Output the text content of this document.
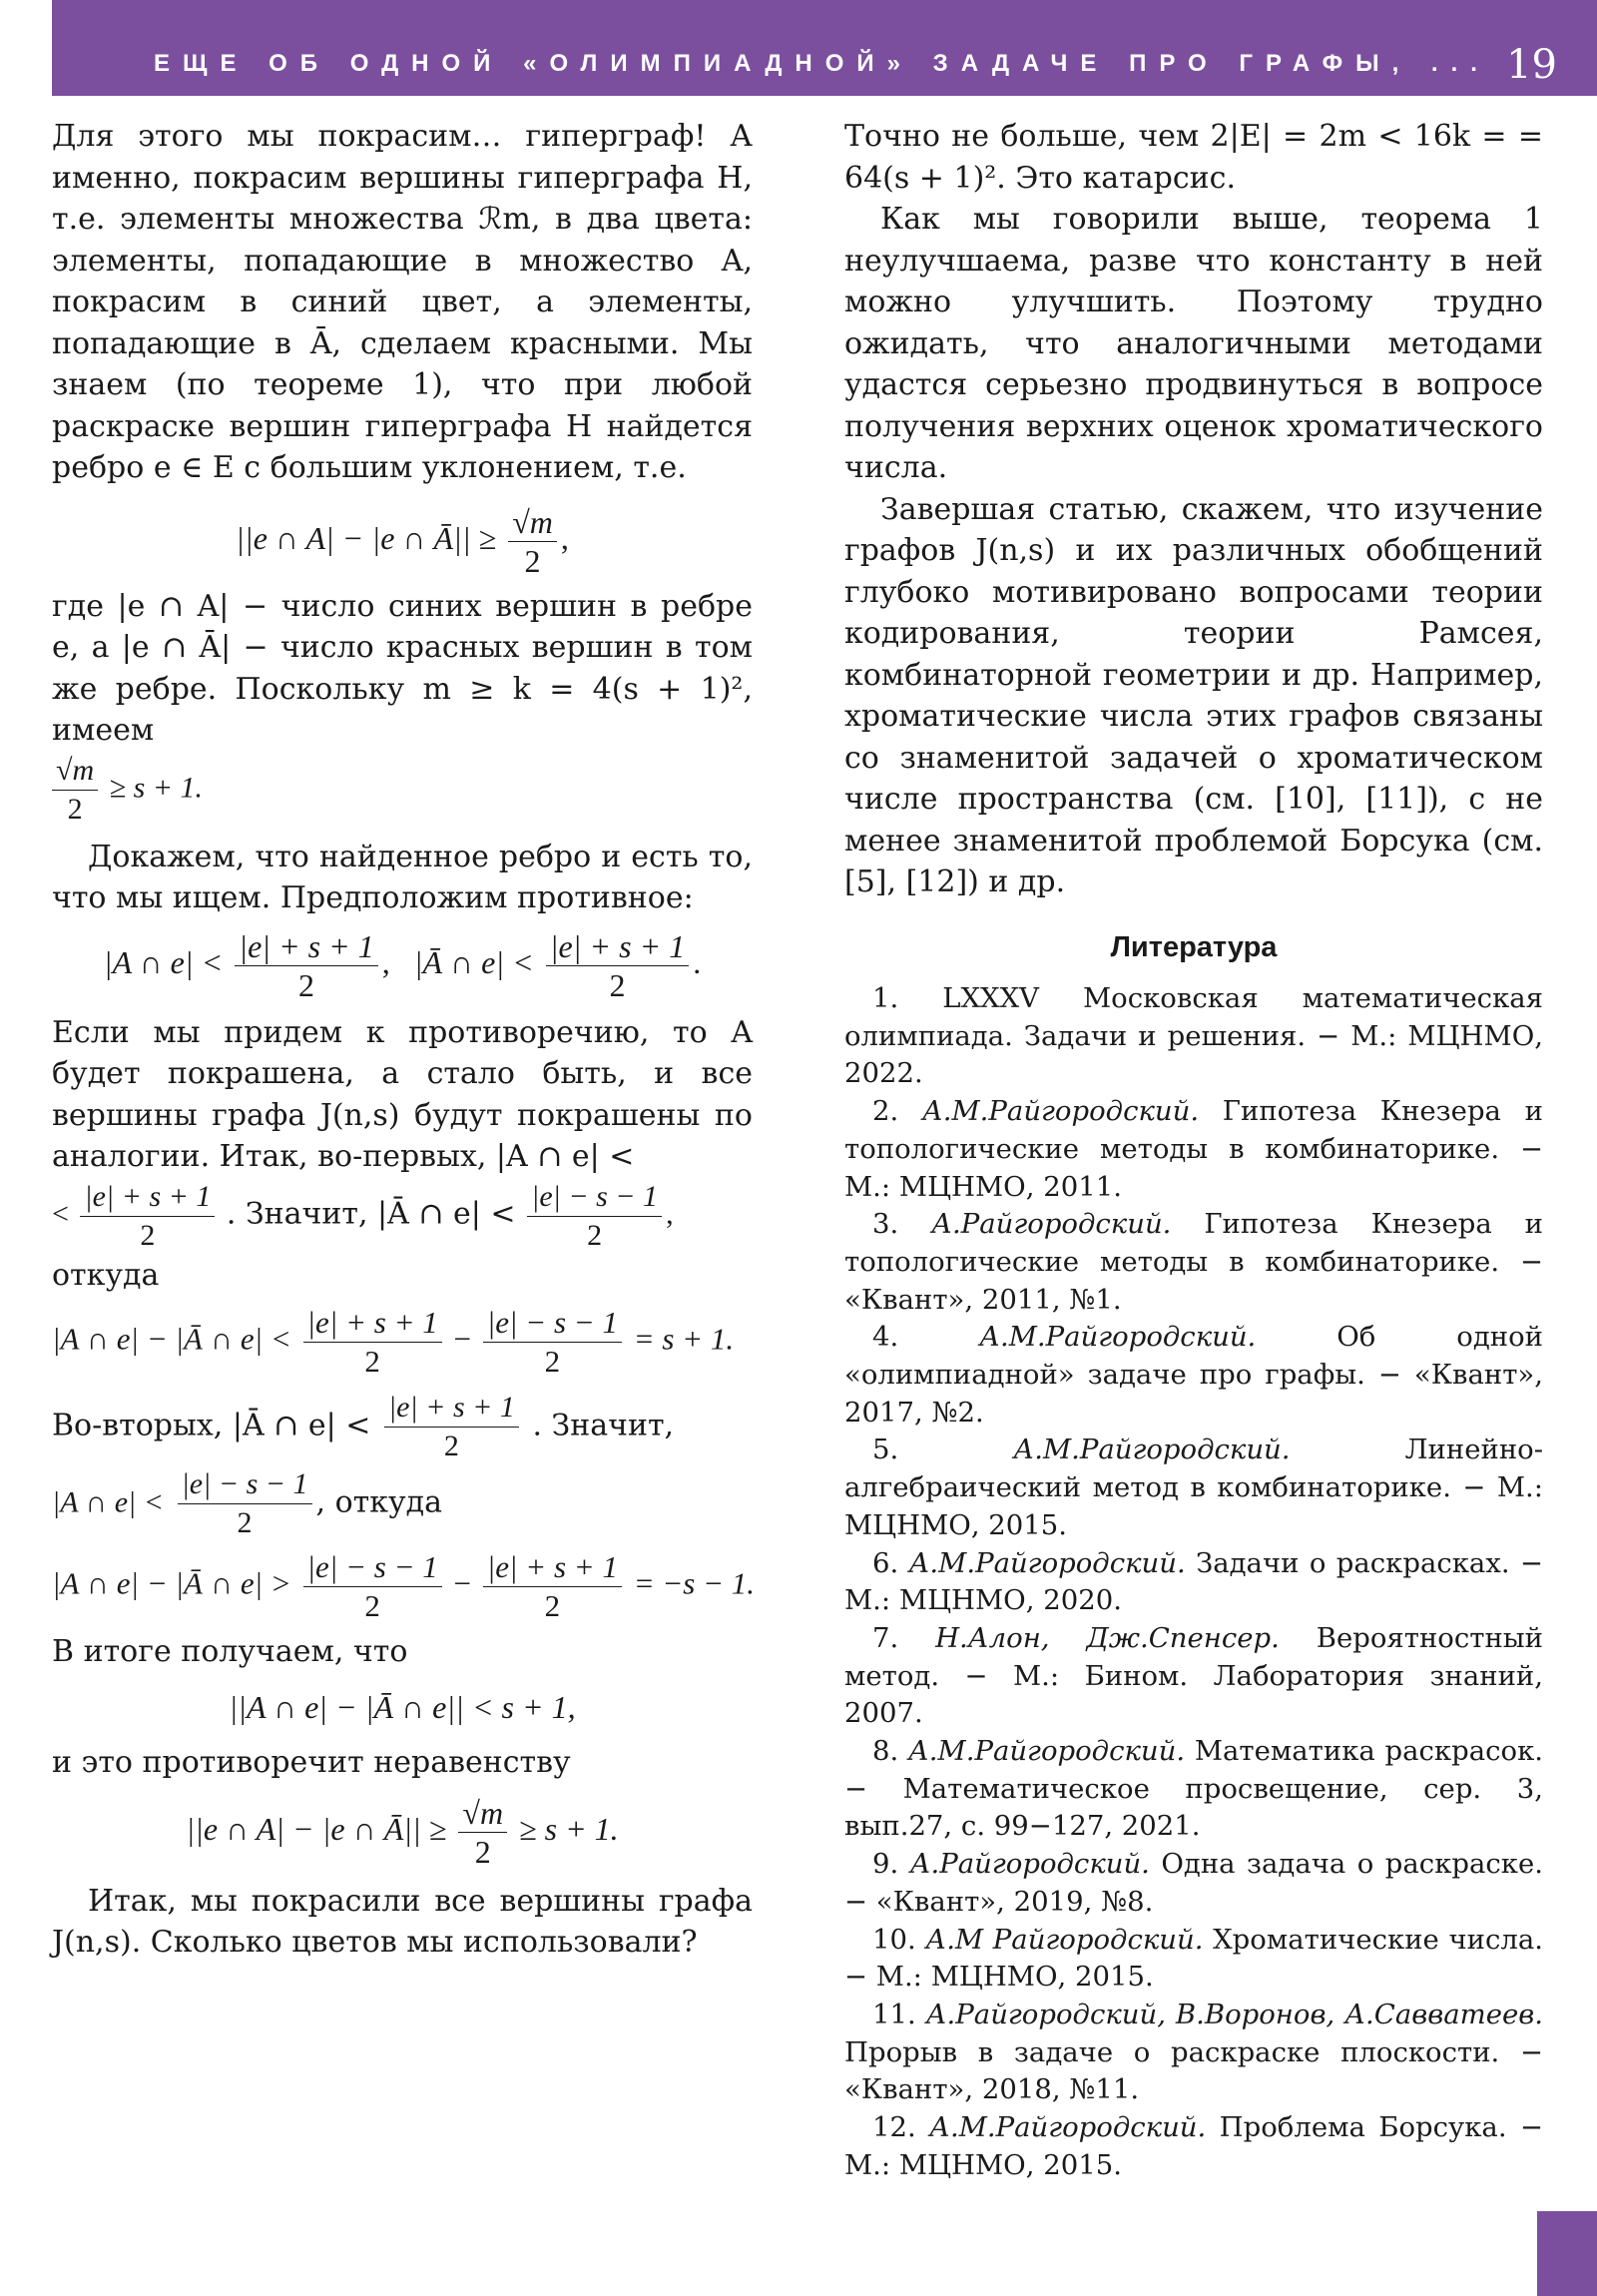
ЕЩЕ ОБ ОДНОЙ «ОЛИМПИАДНОЙ» ЗАДАЧЕ ПРО ГРАФЫ, ... 19

Для этого мы покрасим… гиперграф! А именно, покрасим вершины гиперграфа H, т.е. элементы множества ℛm, в два цвета: элементы, попадающие в множество A, покрасим в синий цвет, а элементы, попадающие в Ā, сделаем красными. Мы знаем (по теореме 1), что при любой раскраске вершин гиперграфа H найдется ребро e ∈ E с большим уклонением, т.е.

||e ∩ A| − |e ∩ Ā|| ≥ $\frac{√m}{2}$ ,

где |e ∩ A| − число синих вершин в ребре e, а |e ∩ Ā| − число красных вершин в том же ребре. Поскольку m ≥ k = 4(s + 1)², имеем

$\frac{√m}{2} \ge s + 1$.

Докажем, что найденное ребро и есть то, что мы ищем. Предположим противное:

|A ∩ $e| < \frac{|e| + s + 1}{2}$ , |Ā ∩ $e| < \frac{|e| + s + 1}{2}$ .

Если мы придем к противоречию, то A будет покрашена, а стало быть, и все вершины графа J(n,s) будут покрашены по аналогии. Итак, во-первых, |A ∩ e| <

< $\frac{|e| + s + 1}{2}$ . Значит, |Ā ∩ $e| < \frac{|e| - s - 1}{2}$ ,

откуда

|A ∩ e| − |Ā ∩ $e| < \frac{|e| + s + 1}{2} - \frac{|e| - s - 1}{2} = s + 1$.
Во-вторых, |Ā ∩ $e| < \frac{|e| + s + 1}{2}$ . Значит,
|A ∩ $e| < \frac{|e| - s - 1}{2}$ , откуда
|A ∩ e| − |Ā ∩ $e| > \frac{|e| - s - 1}{2} - \frac{|e| + s + 1}{2} = -s - 1$.

В итоге получаем, что

||A ∩ e| − |Ā ∩ e|| < s + 1,

и это противоречит неравенству

||e ∩ A| − |e ∩ Ā|| ≥ $\frac{√m}{2} \ge s + 1$.

Итак, мы покрасили все вершины графа J(n,s). Сколько цветов мы использовали?

Точно не больше, чем 2|E| = 2m < 16k = = 64(s + 1)². Это катарсис.

Как мы говорили выше, теорема 1 неулучшаема, разве что константу в ней можно улучшить. Поэтому трудно ожидать, что аналогичными методами удастся серьезно продвинуться в вопросе получения верхних оценок хроматического числа.

Завершая статью, скажем, что изучение графов J(n,s) и их различных обобщений глубоко мотивировано вопросами теории кодирования, теории Рамсея, комбинаторной геометрии и др. Например, хроматические числа этих графов связаны со знаменитой задачей о хроматическом числе пространства (см. [10], [11]), с не менее знаменитой проблемой Борсука (см. [5], [12]) и др.

Литература

1. LXXXV Московская математическая олимпиада. Задачи и решения. − М.: МЦНМО, 2022.

2. А.М.Райгородский. Гипотеза Кнезера и топологические методы в комбинаторике. − М.: МЦНМО, 2011.

3. А.Райгородский. Гипотеза Кнезера и топологические методы в комбинаторике. − «Квант», 2011, №1.

4. А.М.Райгородский. Об одной «олимпиадной» задаче про графы. − «Квант», 2017, №2.

5. А.М.Райгородский. Линейно-алгебраический метод в комбинаторике. − М.: МЦНМО, 2015.

6. А.М.Райгородский. Задачи о раскрасках. − М.: МЦНМО, 2020.

7. Н.Алон, Дж.Спенсер. Вероятностный метод. − М.: Бином. Лаборатория знаний, 2007.

8. А.М.Райгородский. Математика раскрасок. − Математическое просвещение, сер. 3, вып.27, с. 99−127, 2021.

9. А.Райгородский. Одна задача о раскраске. − «Квант», 2019, №8.

10. А.М Райгородский. Хроматические числа. − М.: МЦНМО, 2015.

11. А.Райгородский, В.Воронов, А.Савватеев. Прорыв в задаче о раскраске плоскости. − «Квант», 2018, №11.

12. А.М.Райгородский. Проблема Борсука. − М.: МЦНМО, 2015.
